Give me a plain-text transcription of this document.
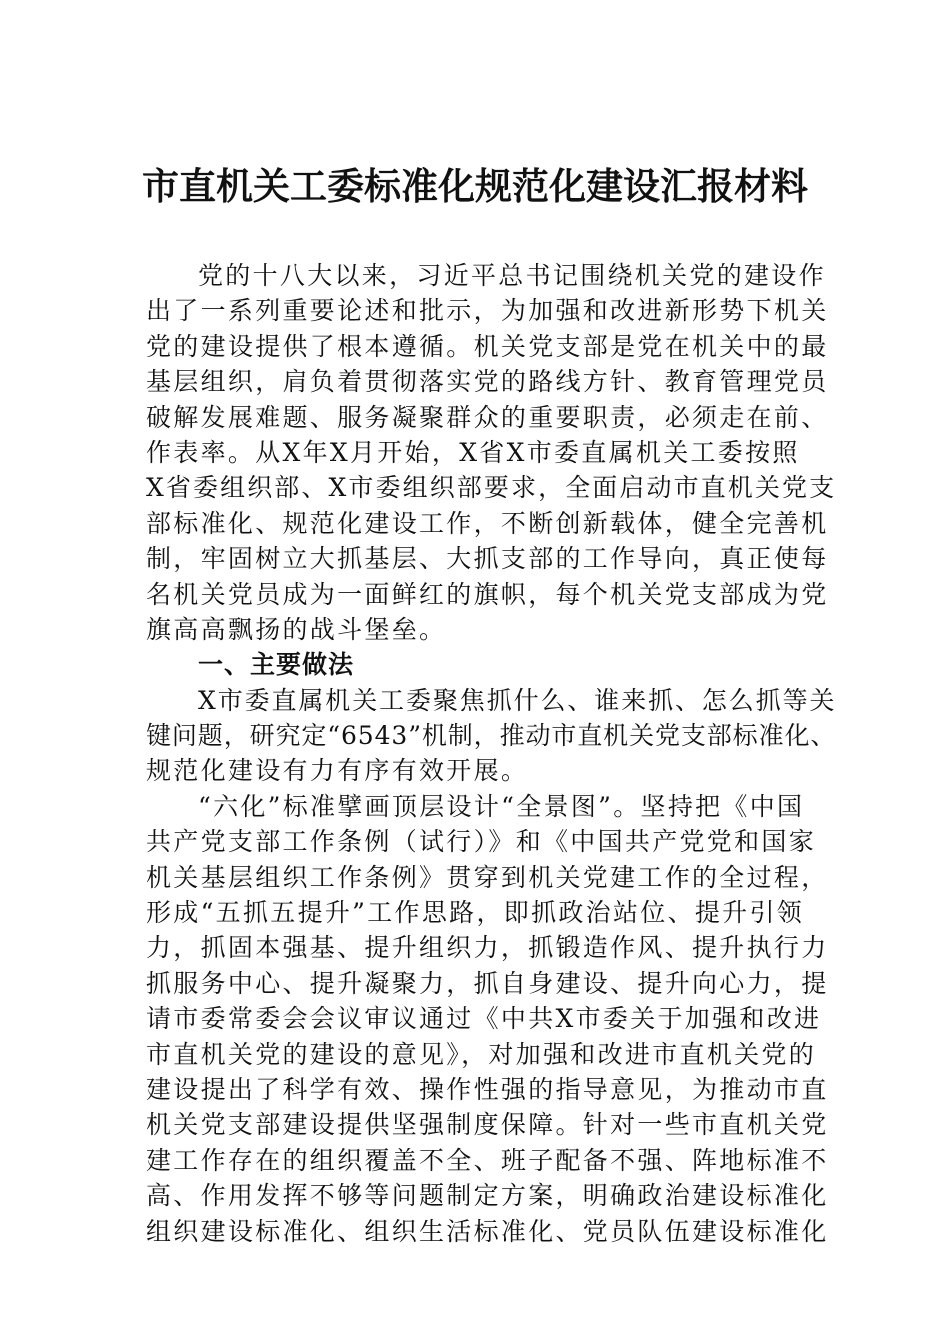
市直机关工委标准化规范化建设汇报材料
党的十八大以来，习近平总书记围绕机关党的建设作
出了一系列重要论述和批示，为加强和改进新形势下机关
党的建设提供了根本遵循。机关党支部是党在机关中的最
基层组织，肩负着贯彻落实党的路线方针、教育管理党员
破解发展难题、服务凝聚群众的重要职责，必须走在前、
作表率。从X年X月开始，X省X市委直属机关工委按照
X省委组织部、X市委组织部要求，全面启动市直机关党支
部标准化、规范化建设工作，不断创新载体，健全完善机
制，牢固树立大抓基层、大抓支部的工作导向，真正使每
名机关党员成为一面鲜红的旗帜，每个机关党支部成为党
旗高高飘扬的战斗堡垒。
一、主要做法
X市委直属机关工委聚焦抓什么、谁来抓、怎么抓等关
键问题，研究定“6543”机制，推动市直机关党支部标准化、
规范化建设有力有序有效开展。
“六化”标准擘画顶层设计“全景图”。坚持把《中国
共产党支部工作条例（试行）》和《中国共产党党和国家
机关基层组织工作条例》贯穿到机关党建工作的全过程，
形成“五抓五提升”工作思路，即抓政治站位、提升引领
力，抓固本强基、提升组织力，抓锻造作风、提升执行力
抓服务中心、提升凝聚力，抓自身建设、提升向心力，提
请市委常委会会议审议通过《中共X市委关于加强和改进
市直机关党的建设的意见》，对加强和改进市直机关党的
建设提出了科学有效、操作性强的指导意见，为推动市直
机关党支部建设提供坚强制度保障。针对一些市直机关党
建工作存在的组织覆盖不全、班子配备不强、阵地标准不
高、作用发挥不够等问题制定方案，明确政治建设标准化
组织建设标准化、组织生活标准化、党员队伍建设标准化
